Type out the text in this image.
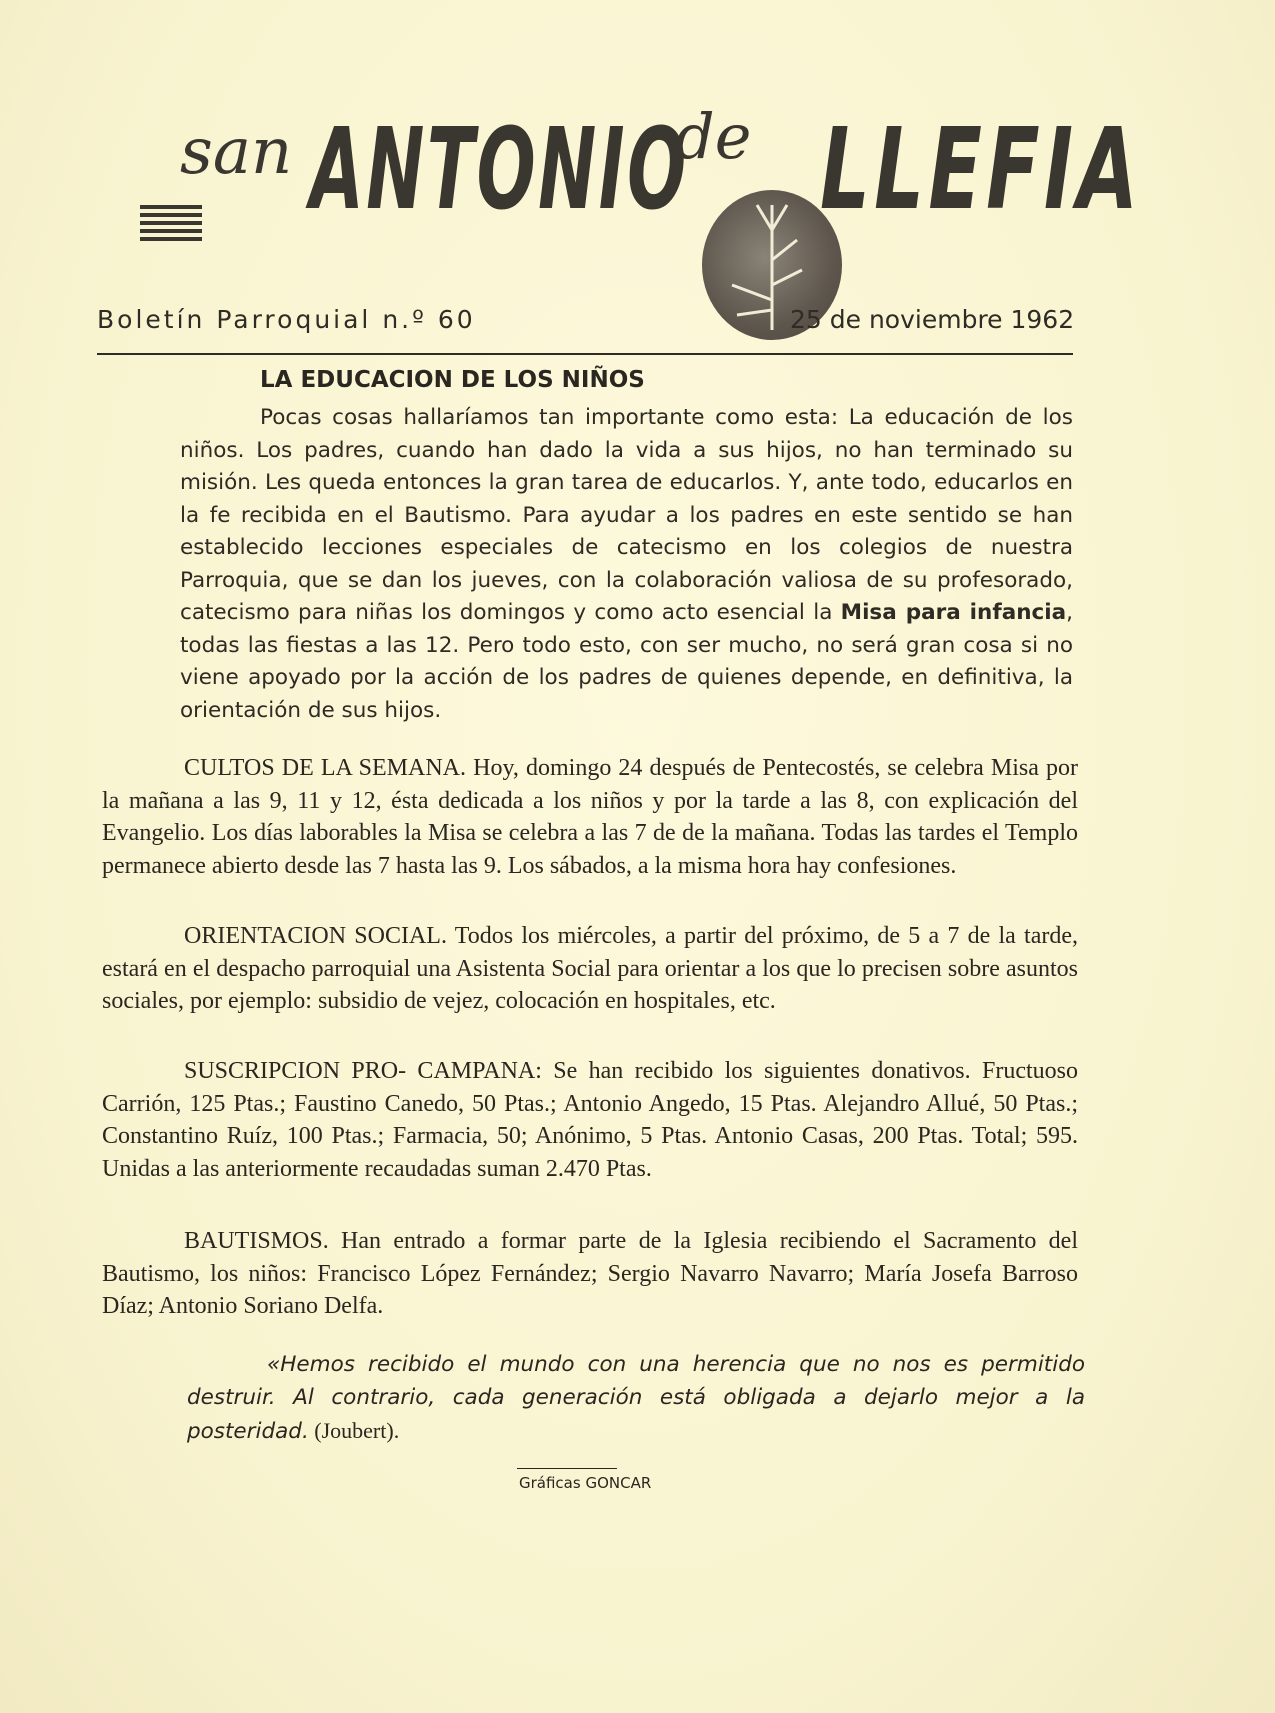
san ANTONIO
de LLEFIA
Boletín Parroquial n.º 60	25 de noviembre 1962
LA EDUCACION DE LOS NIÑOS

Pocas cosas hallaríamos tan importante como esta: La educación de los niños. Los padres, cuando han dado la vida a sus hijos, no han terminado su misión. Les queda entonces la gran tarea de educarlos. Y, ante todo, educarlos en la fe recibida en el Bautismo. Para ayudar a los padres en este sentido se han establecido lecciones especiales de catecismo en los colegios de nuestra Parroquia, que se dan los jueves, con la colaboración valiosa de su profesorado, catecismo para niñas los domingos y como acto esencial la Misa para infancia, todas las fiestas a las 12. Pero todo esto, con ser mucho, no será gran cosa si no viene apoyado por la acción de los padres de quienes depende, en definitiva, la orientación de sus hijos.

CULTOS DE LA SEMANA. Hoy, domingo 24 después de Pentecostés, se celebra Misa por la mañana a las 9, 11 y 12, ésta dedicada a los niños y por la tarde a las 8, con explicación del Evangelio. Los días laborables la Misa se celebra a las 7 de de la mañana. Todas las tardes el Templo permanece abierto desde las 7 hasta las 9. Los sábados, a la misma hora hay confesiones.

ORIENTACION SOCIAL. Todos los miércoles, a partir del próximo, de 5 a 7 de la tarde, estará en el despacho parroquial una Asistenta Social para orientar a los que lo precisen sobre asuntos sociales, por ejemplo: subsidio de vejez, colocación en hospitales, etc.

SUSCRIPCION PRO- CAMPANA: Se han recibido los siguientes donativos. Fructuoso Carrión, 125 Ptas.; Faustino Canedo, 50 Ptas.; Antonio Angedo, 15 Ptas. Alejandro Allué, 50 Ptas.; Constantino Ruíz, 100 Ptas.; Farmacia, 50; Anónimo, 5 Ptas. Antonio Casas, 200 Ptas. Total; 595. Unidas a las anteriormente recaudadas suman 2.470 Ptas.

BAUTISMOS. Han entrado a formar parte de la Iglesia recibiendo el Sacramento del Bautismo, los niños: Francisco López Fernández; Sergio Navarro Navarro; María Josefa Barroso Díaz; Antonio Soriano Delfa.

«Hemos recibido el mundo con una herencia que no nos es permitido destruir. Al contrario, cada generación está obligada a dejarlo mejor a la posteridad. (Joubert).

Gráficas GONCAR
